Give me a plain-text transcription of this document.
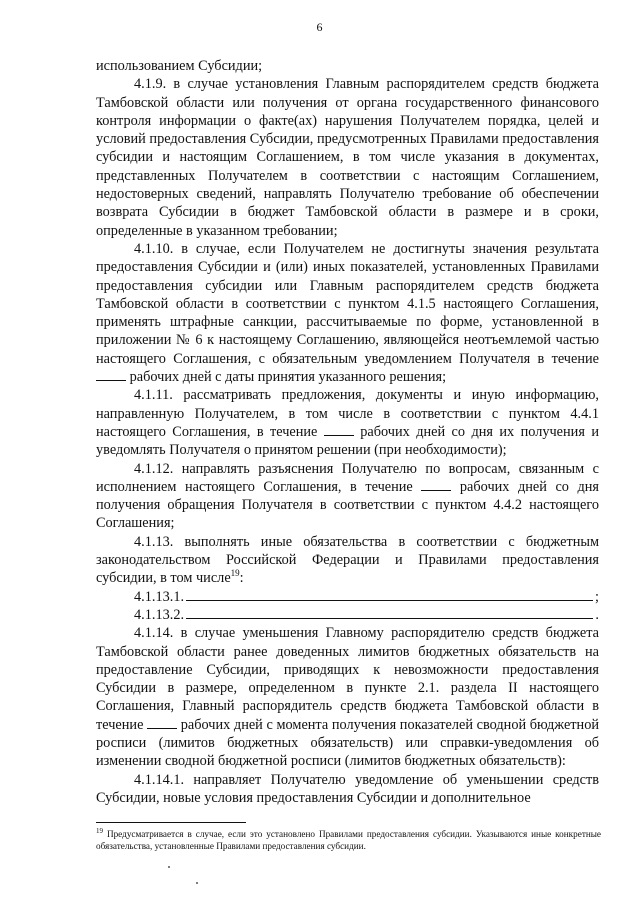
6

использованием Субсидии;

4.1.9. в случае установления Главным распорядителем средств бюджета Тамбовской области или получения от органа государственного финансового контроля информации о факте(ах) нарушения Получателем порядка, целей и условий предоставления Субсидии, предусмотренных Правилами предоставления субсидии и настоящим Соглашением, в том числе указания в документах, представленных Получателем в соответствии с настоящим Соглашением, недостоверных сведений, направлять Получателю требование об обеспечении возврата Субсидии в бюджет Тамбовской области в размере и в сроки, определенные в указанном требовании;

4.1.10. в случае, если Получателем не достигнуты значения результата предоставления Субсидии и (или) иных показателей, установленных Правилами предоставления субсидии или Главным распорядителем средств бюджета Тамбовской области в соответствии с пунктом 4.1.5 настоящего Соглашения, применять штрафные санкции, рассчитываемые по форме, установленной в приложении № 6 к настоящему Соглашению, являющейся неотъемлемой частью настоящего Соглашения, с обязательным уведомлением Получателя в течение  рабочих дней с даты принятия указанного решения;

4.1.11. рассматривать предложения, документы и иную информацию, направленную Получателем, в том числе в соответствии с пунктом 4.4.1 настоящего Соглашения, в течение	рабочих дней со дня их получения и уведомлять Получателя о принятом решении (при необходимости);

4.1.12. направлять разъяснения Получателю по вопросам, связанным с исполнением настоящего Соглашения, в течение	рабочих дней со дня получения обращения Получателя в соответствии с пунктом 4.4.2 настоящего Соглашения;

4.1.13. выполнять иные обязательства в соответствии с бюджетным законодательством Российской Федерации и Правилами предоставления субсидии, в том числе$^{19}$:

4.1.13.1.	;
4.1.13.2.	.

4.1.14. в случае уменьшения Главному распорядителю средств бюджета Тамбовской области ранее доведенных лимитов бюджетных обязательств на предоставление Субсидии, приводящих к невозможности предоставления Субсидии в размере, определенном в пункте 2.1. раздела II настоящего Соглашения, Главный распорядитель средств бюджета Тамбовской области в течение	рабочих дней с момента получения показателей сводной бюджетной росписи (лимитов бюджетных обязательств) или справки-уведомления об изменении сводной бюджетной росписи (лимитов бюджетных обязательств):

4.1.14.1. направляет Получателю уведомление об уменьшении средств Субсидии, новые условия предоставления Субсидии и дополнительное

$^{19}$ Предусматривается в случае, если это установлено Правилами предоставления субсидии. Указываются иные конкретные обязательства, установленные Правилами предоставления субсидии.
